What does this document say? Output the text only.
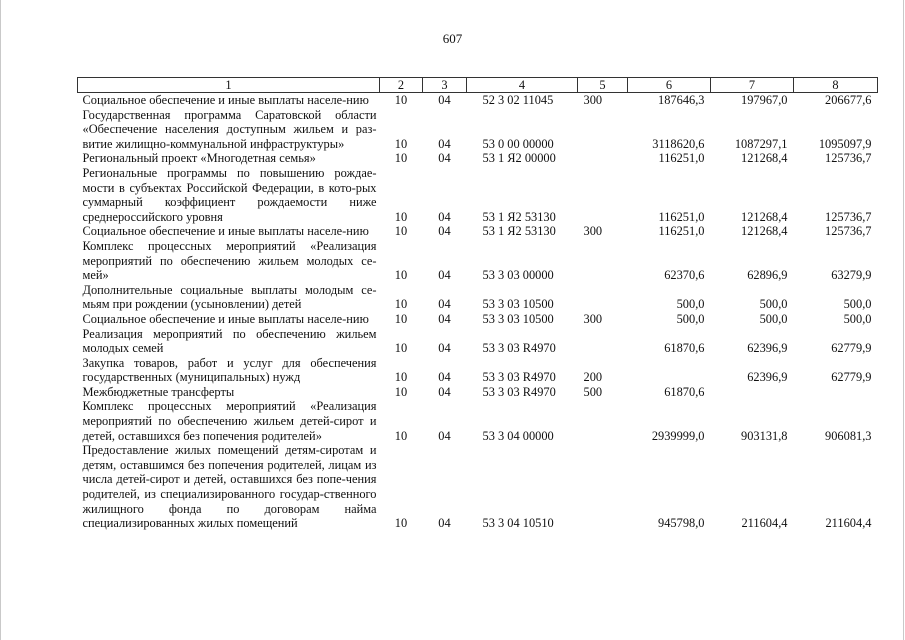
607
1	2	3	4	5	6	7	8
Социальное обеспечение и иные выплаты населе-нию	10	04	52 3 02 11045	300	187646,3	197967,0	206677,6
Государственная программа Саратовской области «Обеспечение населения доступным жильем и раз-витие жилищно-коммунальной инфраструктуры»	10	04	53 0 00 00000		3118620,6	1087297,1	1095097,9
Региональный проект «Многодетная семья»	10	04	53 1 Я2 00000		116251,0	121268,4	125736,7
Региональные программы по повышению рождае-мости в субъектах Российской Федерации, в кото-рых суммарный коэффициент рождаемости ниже среднероссийского уровня	10	04	53 1 Я2 53130		116251,0	121268,4	125736,7
Социальное обеспечение и иные выплаты населе-нию	10	04	53 1 Я2 53130	300	116251,0	121268,4	125736,7
Комплекс процессных мероприятий «Реализация мероприятий по обеспечению жильем молодых се-мей»	10	04	53 3 03 00000		62370,6	62896,9	63279,9
Дополнительные социальные выплаты молодым се-мьям при рождении (усыновлении) детей	10	04	53 3 03 10500		500,0	500,0	500,0
Социальное обеспечение и иные выплаты населе-нию	10	04	53 3 03 10500	300	500,0	500,0	500,0
Реализация мероприятий по обеспечению жильем молодых семей	10	04	53 3 03 R4970		61870,6	62396,9	62779,9
Закупка товаров, работ и услуг для обеспечения государственных (муниципальных) нужд	10	04	53 3 03 R4970	200		62396,9	62779,9
Межбюджетные трансферты	10	04	53 3 03 R4970	500	61870,6		
Комплекс процессных мероприятий «Реализация мероприятий по обеспечению жильем детей-сирот и детей, оставшихся без попечения родителей»	10	04	53 3 04 00000		2939999,0	903131,8	906081,3
Предоставление жилых помещений детям-сиротам и детям, оставшимся без попечения родителей, лицам из числа детей-сирот и детей, оставшихся без попе-чения родителей, из специализированного государ-ственного жилищного фонда по договорам найма специализированных жилых помещений	10	04	53 3 04 10510		945798,0	211604,4	211604,4
